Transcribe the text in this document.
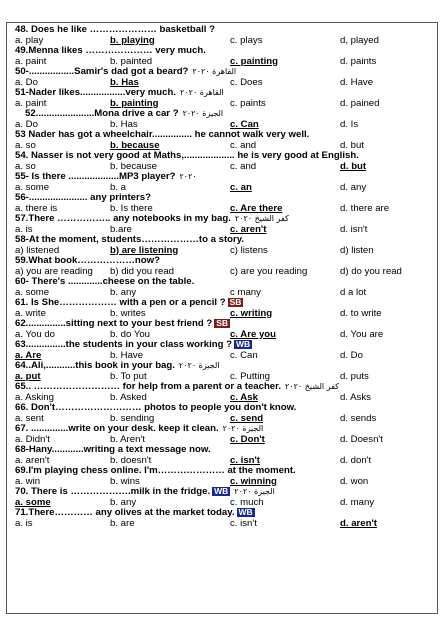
48. Does he like ………………… basketball ?
a. play	b. playing	c. plays	d, played
49.Menna likes ………………… very much.
a. paint	b. painted	c. painting	d. paints
50-.................Samir's dad got a beard? القاهرة ٢٠٢٠
a. Do	b. Has	c. Does	d. Have
51-Nader likes.................very much. القاهرة ٢٠٢٠
a. paint	b. painting	c. paints	d. pained
52......................Mona drive a car ? الجيزة ٢٠٢٠
a. Do	b. Has	c. Can	d. Is
53 Nader has got a wheelchair............... he cannot walk very well.
a. so	b. because	c. and	d. but
54. Nasser is not very good at Maths,................... he is very good at English.
a. so	b. because	c. and	d. but
55- Is there ...................MP3 player? ٢٠٢٠
a. some	b. a	c. an	d. any
56-...................... any printers?
a. there is	b. Is there	c. Are there	d. there are
57.There …………….. any notebooks in my bag. كفر الشيخ ٢٠٢٠
a. is	b.are	c. aren't	d. isn't
58-At the moment, students………………to a story.
a) listened	b) are listening	c) listens	d) listen
59.What book………………now?
a) you are reading b) did you read	c) are you reading	d) do you read
60- There's .............cheese on the table.
a. some	b. any	c many	d a lot
61. Is She……………… with a pen or a pencil ? SB
a. write	b. writes	c. writing	d. to write
62...............sitting next to your best friend ? SB
a. You do	b. do You	c. Are you	d. You are
63...............the students in your class working ? WB
a. Are	b. Have	c. Can	d. Do
64..Ali,...........this book in your bag. الجيزة ٢٠٢٠
a. put	b. To put	c. Putting	d. puts
65.. ……………………… for help from a parent or a teacher. كفر الشيخ ٢٠٢٠
a. Asking	b. Asked	c. Ask	d. Asks
66. Don't……………………… photos to people you don't know.
a. sent	b. sending	c. send	d. sends
67. ..............write on your desk. keep it clean. الجيزة ٢٠٢٠
a. Didn't	b. Aren't	c. Don't	d. Doesn't
68-Hany............writing a text message now.
a. aren't	b. doesn't	c. isn't	d. don't
69.I'm playing chess online. I'm………………… at the moment.
a. win	b. wins	c. winning	d. won
70. There is ……………….milk in the fridge. WB الجيزة ٢٠٢٠
a. some	b. any	c. much	d. many
71.There………… any olives at the market today. WB
a. is	b. are	c. isn't	d. aren't
